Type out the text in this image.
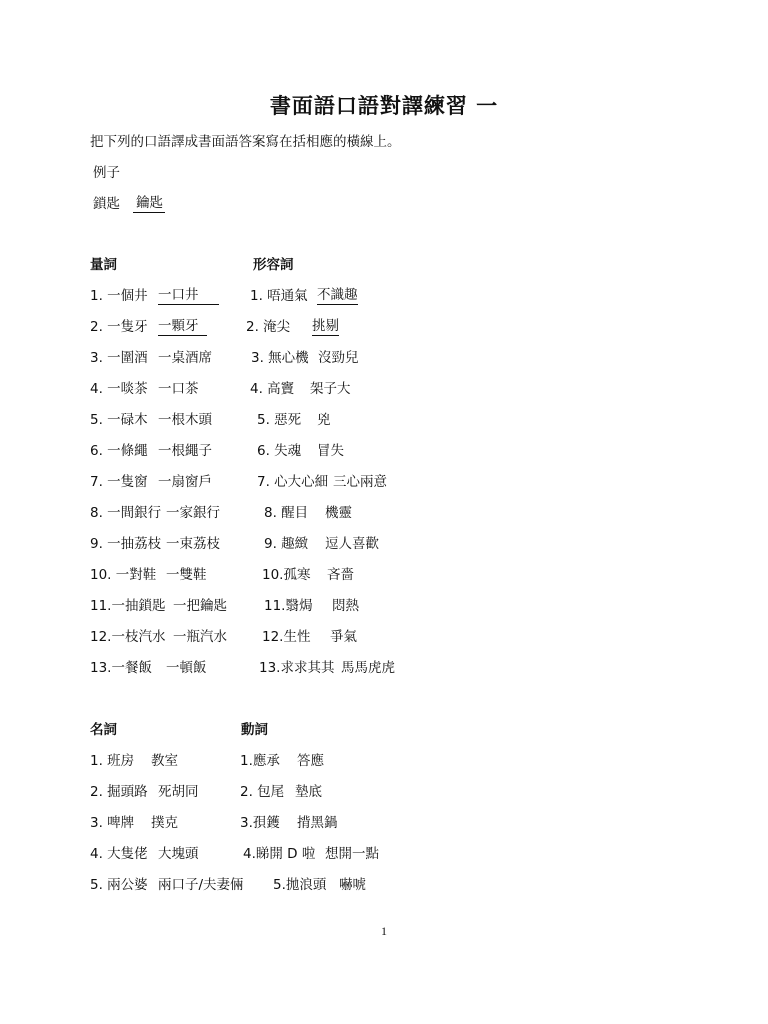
書面語口語對譯練習 一
把下列的口語譯成書面語答案寫在括相應的橫線上。
例子
鎖匙 鑰匙
量詞	形容詞
1. 一個井 一口井
2. 一隻牙 一顆牙
3. 一圍酒 一桌酒席
4. 一啖茶 一口茶
5. 一碌木 一根木頭
6. 一條繩 一根繩子
7. 一隻窗 一扇窗戶
8. 一間銀行 一家銀行
9. 一抽荔枝 一束荔枝
10. 一對鞋 一雙鞋
11.一抽鎖匙 一把鑰匙
12.一枝汽水 一瓶汽水
13.一餐飯 一頓飯
1. 唔通氣 不識趣
2. 淹尖 挑剔
3. 無心機 沒勁兒
4. 高竇 架子大
5. 惡死 兇
6. 失魂 冒失
7. 心大心細 三心兩意
8. 醒目 機靈
9. 趣緻 逗人喜歡
10.孤寒 吝嗇
11.翳焗 悶熱
12.生性 爭氣
13.求求其其 馬馬虎虎
名詞	動詞
1. 班房 教室
2. 掘頭路 死胡同
3. 啤牌 撲克
4. 大隻佬 大塊頭
5. 兩公婆 兩口子/夫妻倆
1.應承 答應
2. 包尾 墊底
3.孭鑊 揹黑鍋
4.睇開 D 啦 想開一點
5.拋浪頭 嚇唬
1
